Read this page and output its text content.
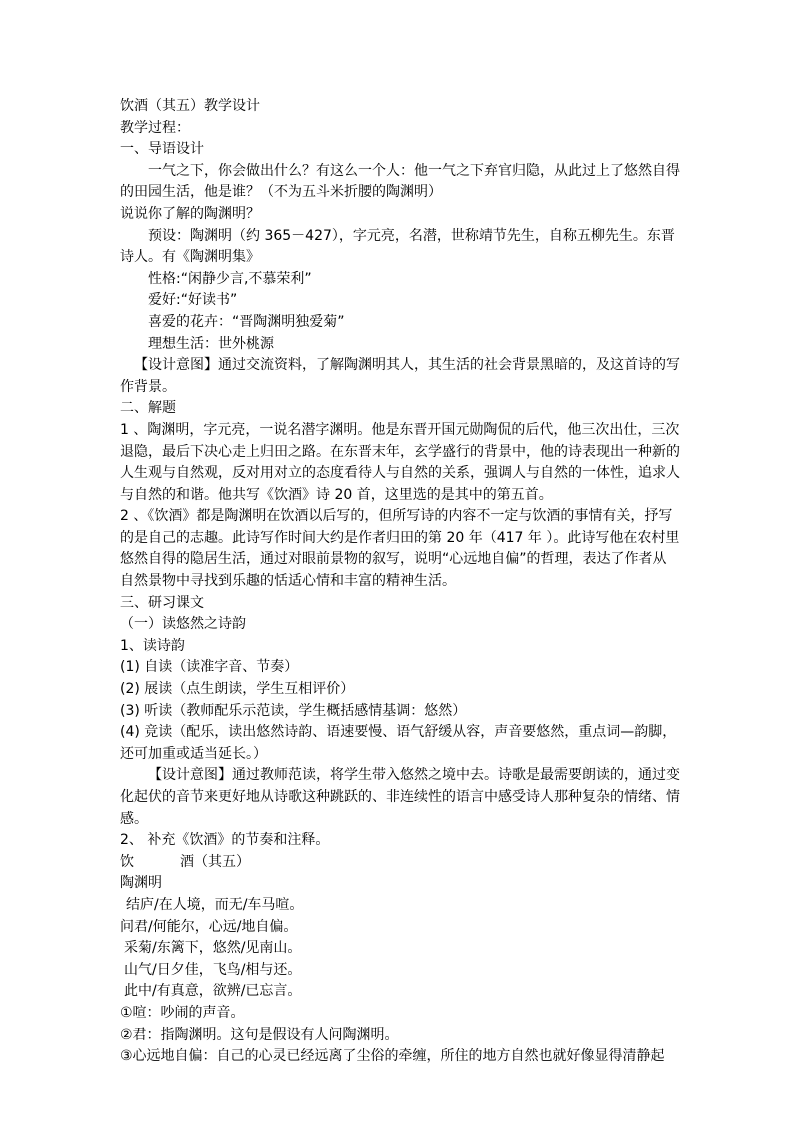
饮酒（其五）教学设计

教学过程：

一、导语设计

一气之下，你会做出什么？有这么一个人：他一气之下弃官归隐，从此过上了悠然自得的田园生活，他是谁？（不为五斗米折腰的陶渊明）

说说你了解的陶渊明？

预设：陶渊明（约 365－427），字元亮，名潜，世称靖节先生，自称五柳先生。东晋诗人。有《陶渊明集》

性格:“闲静少言,不慕荣利”

爱好:“好读书”

喜爱的花卉：“晋陶渊明独爱菊”

理想生活：世外桃源

【设计意图】通过交流资料，了解陶渊明其人，其生活的社会背景黑暗的，及这首诗的写作背景。

二、解题

1 、陶渊明，字元亮，一说名潜字渊明。他是东晋开国元勋陶侃的后代，他三次出仕，三次退隐，最后下决心走上归田之路。在东晋末年，玄学盛行的背景中，他的诗表现出一种新的人生观与自然观，反对用对立的态度看待人与自然的关系，强调人与自然的一体性，追求人与自然的和谐。他共写《饮酒》诗 20 首，这里选的是其中的第五首。

2 、《饮酒》都是陶渊明在饮酒以后写的，但所写诗的内容不一定与饮酒的事情有关，抒写的是自己的志趣。此诗写作时间大约是作者归田的第 20 年（417 年 ）。此诗写他在农村里悠然自得的隐居生活，通过对眼前景物的叙写，说明“心远地自偏”的哲理，表达了作者从自然景物中寻找到乐趣的恬适心情和丰富的精神生活。

三、研习课文

（一）读悠然之诗韵

1、读诗韵

(1) 自读（读准字音、节奏）

(2) 展读（点生朗读，学生互相评价）

(3) 听读（教师配乐示范读，学生概括感情基调：悠然）

(4) 竞读（配乐，读出悠然诗韵、语速要慢、语气舒缓从容，声音要悠然，重点词—韵脚，还可加重或适当延长。）

【设计意图】通过教师范读，将学生带入悠然之境中去。诗歌是最需要朗读的，通过变化起伏的音节来更好地从诗歌这种跳跃的、非连续性的语言中感受诗人那种复杂的情绪、情感。

2、 补充《饮酒》的节奏和注释。

饮	酒（其五）

陶渊明

结庐/在人境，而无/车马喧。

问君/何能尔，心远/地自偏。

采菊/东篱下，悠然/见南山。

山气/日夕佳，飞鸟/相与还。

此中/有真意，欲辨/已忘言。

①喧：吵闹的声音。

②君：指陶渊明。这句是假设有人问陶渊明。

③心远地自偏：自己的心灵已经远离了尘俗的牵缠，所住的地方自然也就好像显得清静起
